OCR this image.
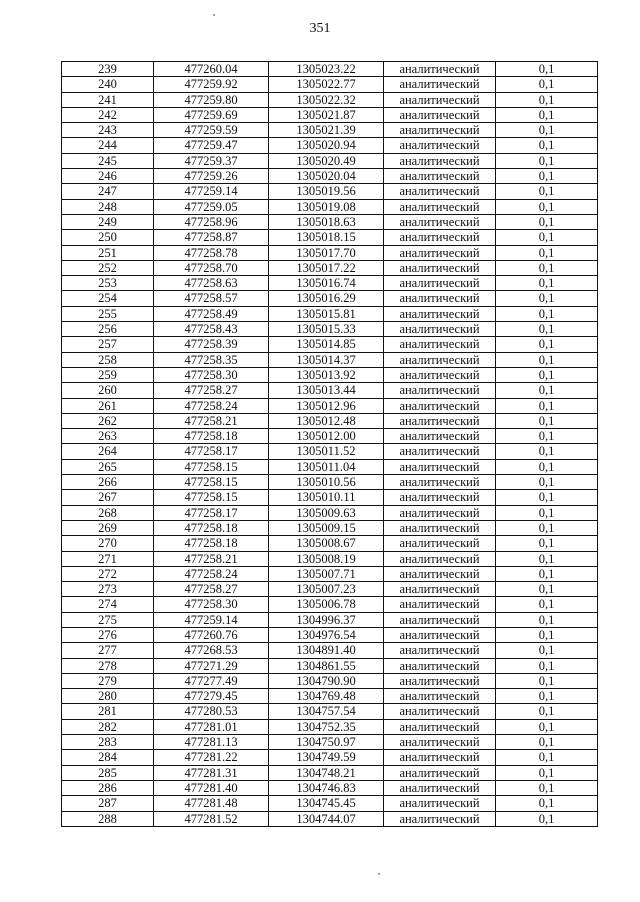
351
239	477260.04	1305023.22	аналитический	0,1
240	477259.92	1305022.77	аналитический	0,1
241	477259.80	1305022.32	аналитический	0,1
242	477259.69	1305021.87	аналитический	0,1
243	477259.59	1305021.39	аналитический	0,1
244	477259.47	1305020.94	аналитический	0,1
245	477259.37	1305020.49	аналитический	0,1
246	477259.26	1305020.04	аналитический	0,1
247	477259.14	1305019.56	аналитический	0,1
248	477259.05	1305019.08	аналитический	0,1
249	477258.96	1305018.63	аналитический	0,1
250	477258.87	1305018.15	аналитический	0,1
251	477258.78	1305017.70	аналитический	0,1
252	477258.70	1305017.22	аналитический	0,1
253	477258.63	1305016.74	аналитический	0,1
254	477258.57	1305016.29	аналитический	0,1
255	477258.49	1305015.81	аналитический	0,1
256	477258.43	1305015.33	аналитический	0,1
257	477258.39	1305014.85	аналитический	0,1
258	477258.35	1305014.37	аналитический	0,1
259	477258.30	1305013.92	аналитический	0,1
260	477258.27	1305013.44	аналитический	0,1
261	477258.24	1305012.96	аналитический	0,1
262	477258.21	1305012.48	аналитический	0,1
263	477258.18	1305012.00	аналитический	0,1
264	477258.17	1305011.52	аналитический	0,1
265	477258.15	1305011.04	аналитический	0,1
266	477258.15	1305010.56	аналитический	0,1
267	477258.15	1305010.11	аналитический	0,1
268	477258.17	1305009.63	аналитический	0,1
269	477258.18	1305009.15	аналитический	0,1
270	477258.18	1305008.67	аналитический	0,1
271	477258.21	1305008.19	аналитический	0,1
272	477258.24	1305007.71	аналитический	0,1
273	477258.27	1305007.23	аналитический	0,1
274	477258.30	1305006.78	аналитический	0,1
275	477259.14	1304996.37	аналитический	0,1
276	477260.76	1304976.54	аналитический	0,1
277	477268.53	1304891.40	аналитический	0,1
278	477271.29	1304861.55	аналитический	0,1
279	477277.49	1304790.90	аналитический	0,1
280	477279.45	1304769.48	аналитический	0,1
281	477280.53	1304757.54	аналитический	0,1
282	477281.01	1304752.35	аналитический	0,1
283	477281.13	1304750.97	аналитический	0,1
284	477281.22	1304749.59	аналитический	0,1
285	477281.31	1304748.21	аналитический	0,1
286	477281.40	1304746.83	аналитический	0,1
287	477281.48	1304745.45	аналитический	0,1
288	477281.52	1304744.07	аналитический	0,1
